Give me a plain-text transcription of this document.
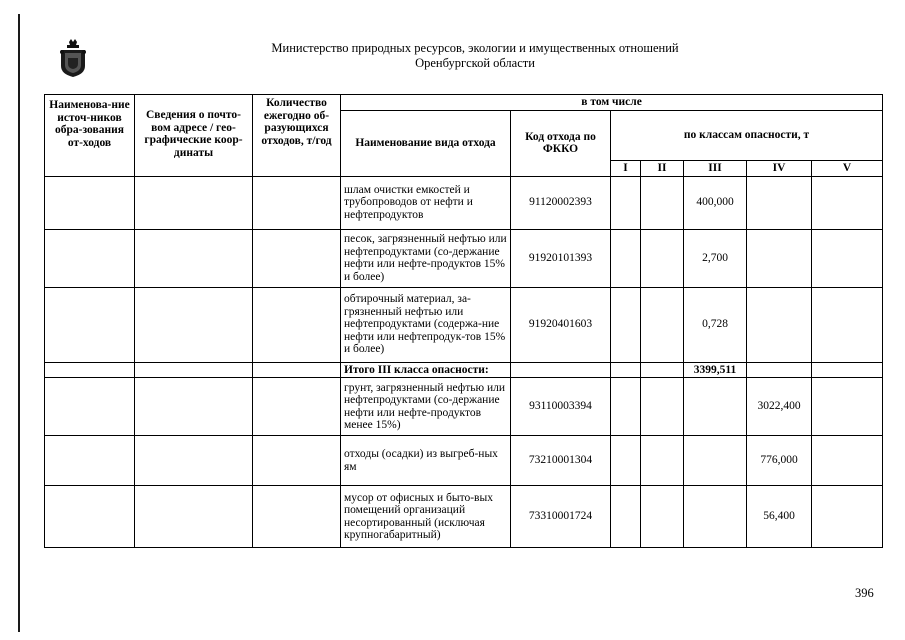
Министерство природных ресурсов, экологии и имущественных отношений
Оренбургской области
Наименова-ние источ-ников обра-зования от-ходов	Сведения о почто-вом адресе / гео-графические коор-динаты	Количество ежегодно об-разующихся отходов, т/год	в том числе						
			Наименование вида отхода	Код отхода по ФККО	по классам опасности, т				
					I	II	III	IV	V
			шлам очистки емкостей и трубопроводов от нефти и нефтепродуктов	91120002393			400,000		
			песок, загрязненный нефтью или нефтепродуктами (со-держание нефти или нефте-продуктов 15% и более)	91920101393			2,700		
			обтирочный материал, за-грязненный нефтью или нефтепродуктами (содержа-ние нефти или нефтепродук-тов 15% и более)	91920401603			0,728		
			Итого III класса опасности:				3399,511		
			грунт, загрязненный нефтью или нефтепродуктами (со-держание нефти или нефте-продуктов менее 15%)	93110003394				3022,400	
			отходы (осадки) из выгреб-ных ям	73210001304				776,000	
			мусор от офисных и быто-вых помещений организаций несортированный (исключая крупногабаритный)	73310001724				56,400	
396
